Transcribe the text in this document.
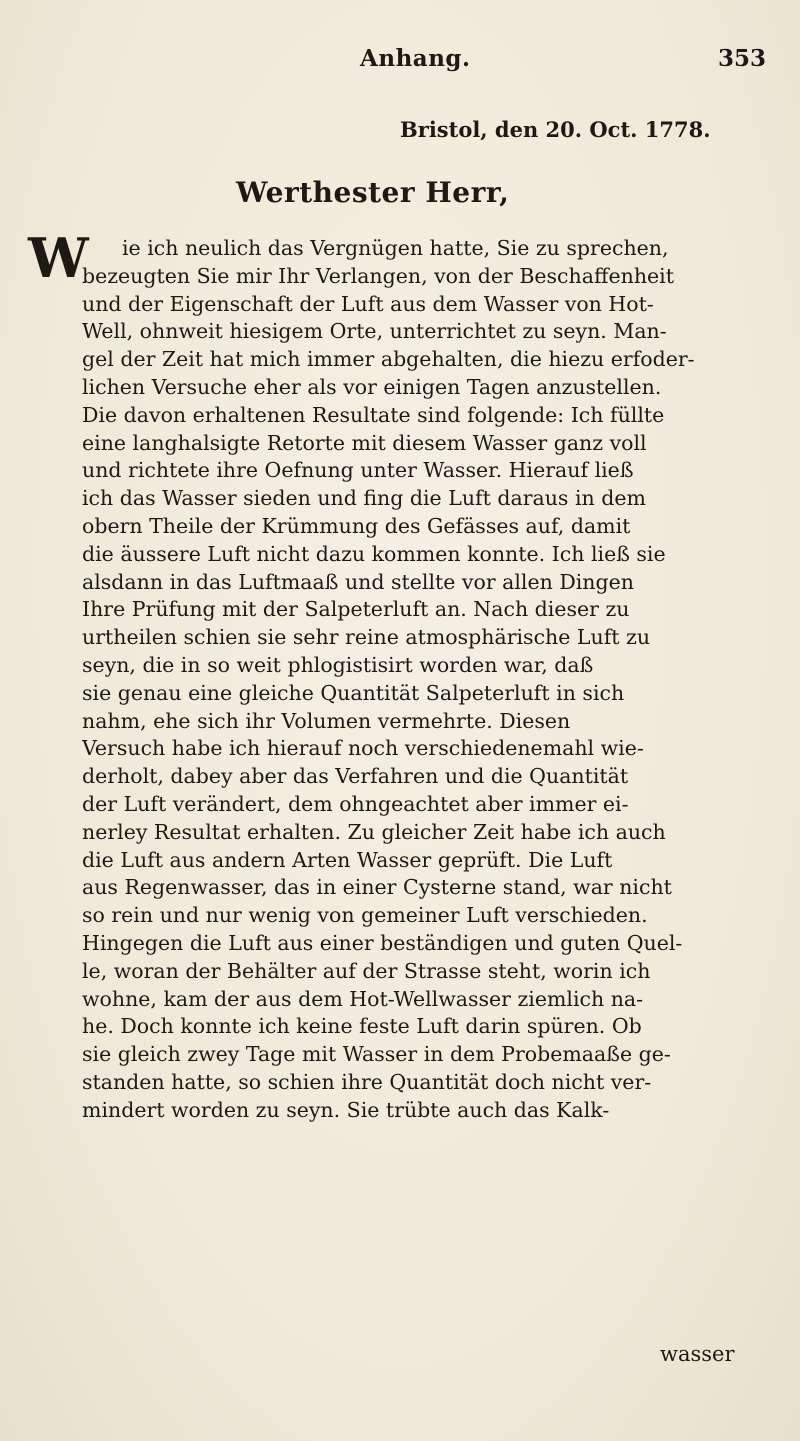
Anhang.	353
Bristol, den 20. Oct. 1778.
Werthester Herr,
W	ie ich neulich das Vergnügen hatte, Sie zu sprechen,
bezeugten Sie mir Ihr Verlangen, von der Beschaffenheit
und der Eigenschaft der Luft aus dem Wasser von Hot-
Well, ohnweit hiesigem Orte, unterrichtet zu seyn. Man-
gel der Zeit hat mich immer abgehalten, die hiezu erfoder-
lichen Versuche eher als vor einigen Tagen anzustellen.
Die davon erhaltenen Resultate sind folgende: Ich füllte
eine langhalsigte Retorte mit diesem Wasser ganz voll
und richtete ihre Oefnung unter Wasser. Hierauf ließ
ich das Wasser sieden und fing die Luft daraus in dem
obern Theile der Krümmung des Gefässes auf, damit
die äussere Luft nicht dazu kommen konnte. Ich ließ sie
alsdann in das Luftmaaß und stellte vor allen Dingen
Ihre Prüfung mit der Salpeterluft an. Nach dieser zu
urtheilen schien sie sehr reine atmosphärische Luft zu
seyn, die in so weit phlogistisirt worden war, daß
sie genau eine gleiche Quantität Salpeterluft in sich
nahm, ehe sich ihr Volumen vermehrte. Diesen
Versuch habe ich hierauf noch verschiedenemahl wie-
derholt, dabey aber das Verfahren und die Quantität
der Luft verändert, dem ohngeachtet aber immer ei-
nerley Resultat erhalten. Zu gleicher Zeit habe ich auch
die Luft aus andern Arten Wasser geprüft. Die Luft
aus Regenwasser, das in einer Cysterne stand, war nicht
so rein und nur wenig von gemeiner Luft verschieden.
Hingegen die Luft aus einer beständigen und guten Quel-
le, woran der Behälter auf der Strasse steht, worin ich
wohne, kam der aus dem Hot-Wellwasser ziemlich na-
he. Doch konnte ich keine feste Luft darin spüren. Ob
sie gleich zwey Tage mit Wasser in dem Probemaaße ge-
standen hatte, so schien ihre Quantität doch nicht ver-
mindert worden zu seyn. Sie trübte auch das Kalk-
wasser
